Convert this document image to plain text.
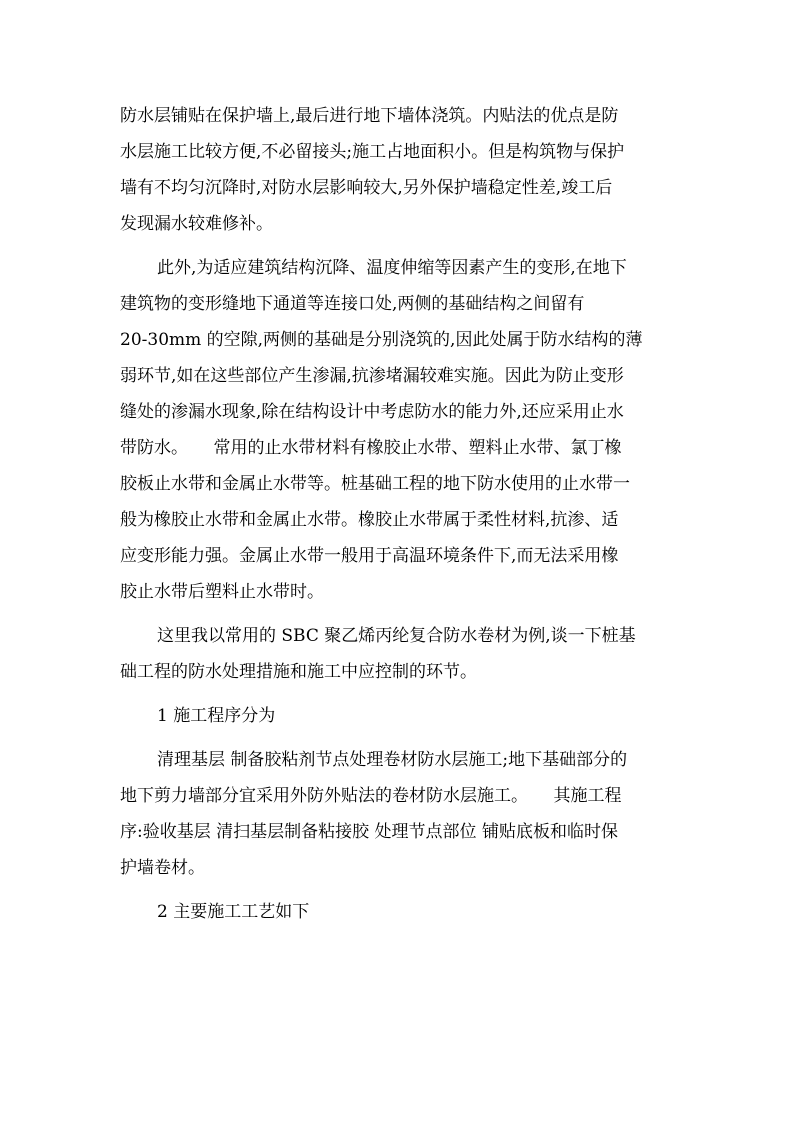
防水层铺贴在保护墙上,最后进行地下墙体浇筑。内贴法的优点是防
水层施工比较方便,不必留接头;施工占地面积小。但是构筑物与保护
墙有不均匀沉降时,对防水层影响较大,另外保护墙稳定性差,竣工后
发现漏水较难修补。
此外,为适应建筑结构沉降、温度伸缩等因素产生的变形,在地下
建筑物的变形缝地下通道等连接口处,两侧的基础结构之间留有
20-30mm 的空隙,两侧的基础是分别浇筑的,因此处属于防水结构的薄
弱环节,如在这些部位产生渗漏,抗渗堵漏较难实施。因此为防止变形
缝处的渗漏水现象,除在结构设计中考虑防水的能力外,还应采用止水
带防水。　　常用的止水带材料有橡胶止水带、塑料止水带、氯丁橡
胶板止水带和金属止水带等。桩基础工程的地下防水使用的止水带一
般为橡胶止水带和金属止水带。橡胶止水带属于柔性材料,抗渗、适
应变形能力强。金属止水带一般用于高温环境条件下,而无法采用橡
胶止水带后塑料止水带时。
这里我以常用的 SBC 聚乙烯丙纶复合防水卷材为例,谈一下桩基
础工程的防水处理措施和施工中应控制的环节。
1 施工程序分为
清理基层 制备胶粘剂节点处理卷材防水层施工;地下基础部分的
地下剪力墙部分宜采用外防外贴法的卷材防水层施工。　　其施工程
序:验收基层 清扫基层制备粘接胶 处理节点部位 铺贴底板和临时保
护墙卷材。
2 主要施工工艺如下
